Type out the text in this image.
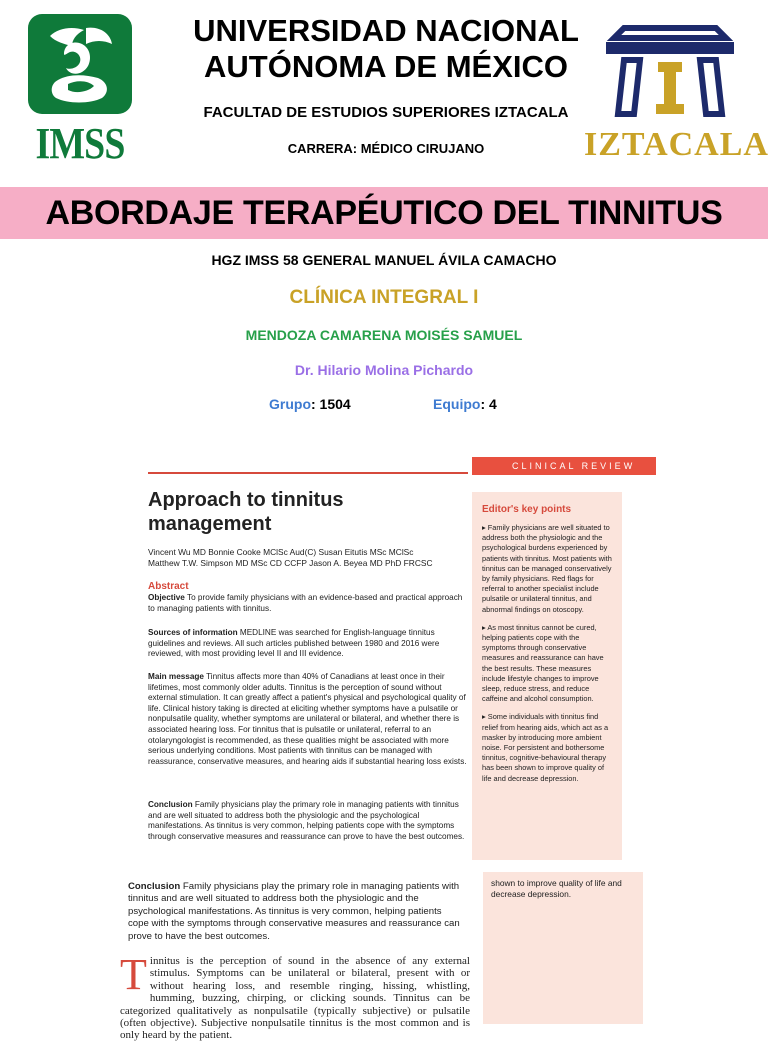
IMSS	IZTACALA
UNIVERSIDAD NACIONAL
AUTÓNOMA DE MÉXICO
FACULTAD DE ESTUDIOS SUPERIORES IZTACALA
CARRERA: MÉDICO CIRUJANO
ABORDAJE TERAPÉUTICO DEL TINNITUS
HGZ IMSS 58 GENERAL MANUEL ÁVILA CAMACHO
CLÍNICA INTEGRAL I
MENDOZA CAMARENA MOISÉS SAMUEL
Dr. Hilario Molina Pichardo
Grupo: 1504	Equipo: 4
CLINICAL REVIEW
Approach to tinnitus
management
Vincent Wu MD Bonnie Cooke MClSc Aud(C) Susan Eitutis MSc MClSc
Matthew T.W. Simpson MD MSc CD CCFP Jason A. Beyea MD PhD FRCSC
Abstract
Objective To provide family physicians with an evidence-based and practical approach to managing patients with tinnitus.
Sources of information MEDLINE was searched for English-language tinnitus guidelines and reviews. All such articles published between 1980 and 2016 were reviewed, with most providing level II and III evidence.
Main message Tinnitus affects more than 40% of Canadians at least once in their lifetimes, most commonly older adults. Tinnitus is the perception of sound without external stimulation. It can greatly affect a patient's physical and psychological quality of life. Clinical history taking is directed at eliciting whether symptoms have a pulsatile or nonpulsatile quality, whether symptoms are unilateral or bilateral, and whether there is associated hearing loss. For tinnitus that is pulsatile or unilateral, referral to an otolaryngologist is recommended, as these qualities might be associated with more serious underlying conditions. Most patients with tinnitus can be managed with reassurance, conservative measures, and hearing aids if substantial hearing loss exists.
Conclusion Family physicians play the primary role in managing patients with tinnitus and are well situated to address both the physiologic and the psychological manifestations. As tinnitus is very common, helping patients cope with the symptoms through conservative measures and reassurance can prove to have the best outcomes.
Editor's key points

▸ Family physicians are well situated to address both the physiologic and the psychological burdens experienced by patients with tinnitus. Most patients with tinnitus can be managed conservatively by family physicians. Red flags for referral to another specialist include pulsatile or unilateral tinnitus, and abnormal findings on otoscopy.

▸ As most tinnitus cannot be cured, helping patients cope with the symptoms through conservative measures and reassurance can have the best results. These measures include lifestyle changes to improve sleep, reduce stress, and reduce caffeine and alcohol consumption.

▸ Some individuals with tinnitus find relief from hearing aids, which act as a masker by introducing more ambient noise. For persistent and bothersome tinnitus, cognitive-behavioural therapy has been shown to improve quality of life and decrease depression.

shown to improve quality of life and decrease depression.
Conclusion Family physicians play the primary role in managing patients with tinnitus and are well situated to address both the physiologic and the psychological manifestations. As tinnitus is very common, helping patients cope with the symptoms through conservative measures and reassurance can prove to have the best outcomes.
Tinnitus is the perception of sound in the absence of any external stimulus. Symptoms can be unilateral or bilateral, present with or without hearing loss, and resemble ringing, hissing, whistling, humming, buzzing, chirping, or clicking sounds. Tinnitus can be categorized qualitatively as nonpulsatile (typically subjective) or pulsatile (often objective). Subjective nonpulsatile tinnitus is the most common and is only heard by the patient.
